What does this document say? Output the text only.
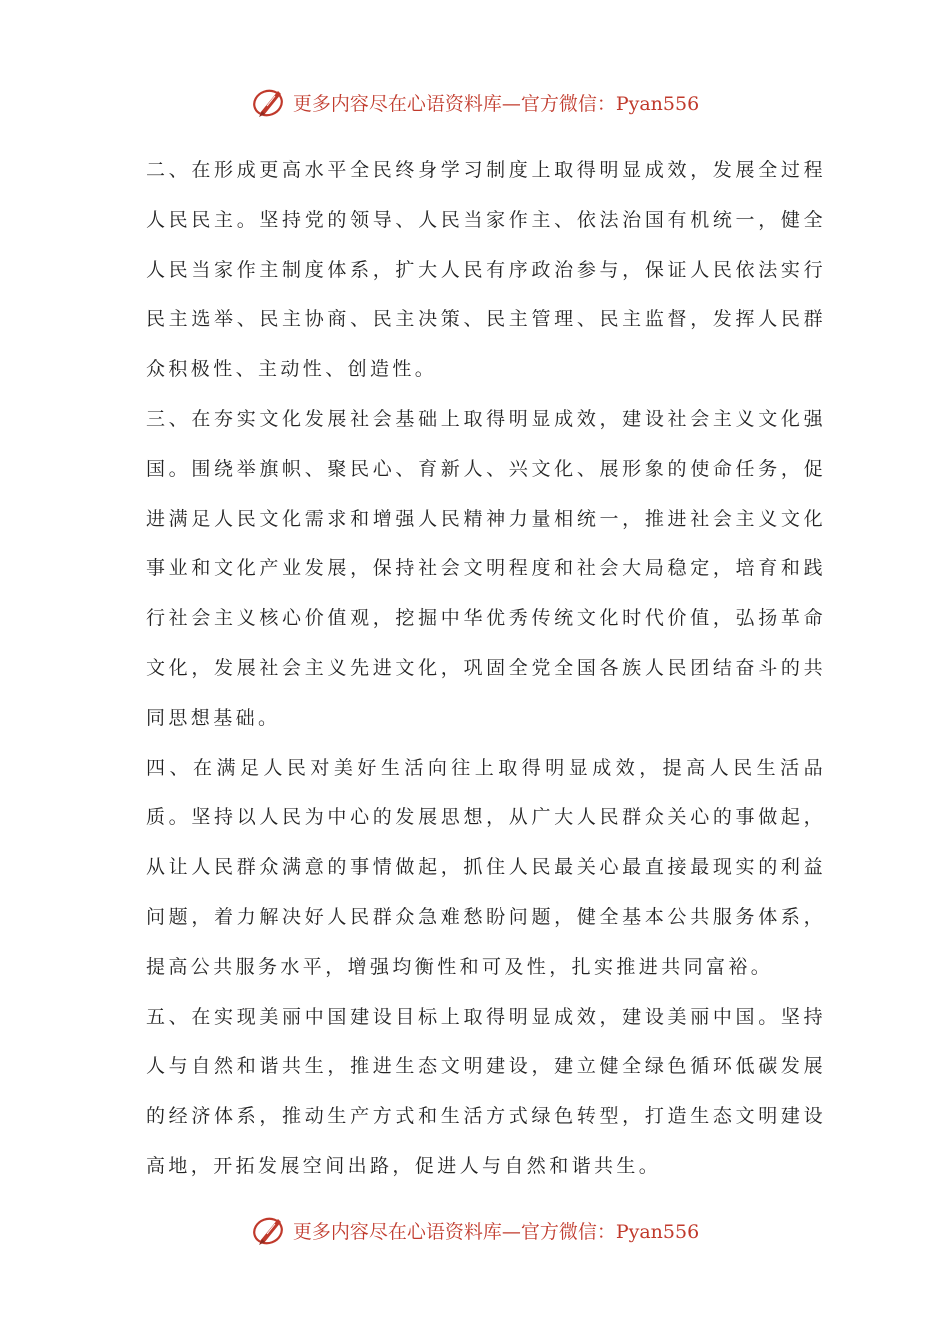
更多内容尽在心语资料库—官方微信：Pyan556

二、在形成更高水平全民终身学习制度上取得明显成效，发展全过程人民民主。坚持党的领导、人民当家作主、依法治国有机统一，健全人民当家作主制度体系，扩大人民有序政治参与，保证人民依法实行民主选举、民主协商、民主决策、民主管理、民主监督，发挥人民群众积极性、主动性、创造性。

三、在夯实文化发展社会基础上取得明显成效，建设社会主义文化强国。围绕举旗帜、聚民心、育新人、兴文化、展形象的使命任务，促进满足人民文化需求和增强人民精神力量相统一，推进社会主义文化事业和文化产业发展，保持社会文明程度和社会大局稳定，培育和践行社会主义核心价值观，挖掘中华优秀传统文化时代价值，弘扬革命文化，发展社会主义先进文化，巩固全党全国各族人民团结奋斗的共同思想基础。

四、在满足人民对美好生活向往上取得明显成效，提高人民生活品质。坚持以人民为中心的发展思想，从广大人民群众关心的事做起，从让人民群众满意的事情做起，抓住人民最关心最直接最现实的利益问题，着力解决好人民群众急难愁盼问题，健全基本公共服务体系，提高公共服务水平，增强均衡性和可及性，扎实推进共同富裕。

五、在实现美丽中国建设目标上取得明显成效，建设美丽中国。坚持人与自然和谐共生，推进生态文明建设，建立健全绿色循环低碳发展的经济体系，推动生产方式和生活方式绿色转型，打造生态文明建设高地，开拓发展空间出路，促进人与自然和谐共生。

更多内容尽在心语资料库—官方微信：Pyan556
